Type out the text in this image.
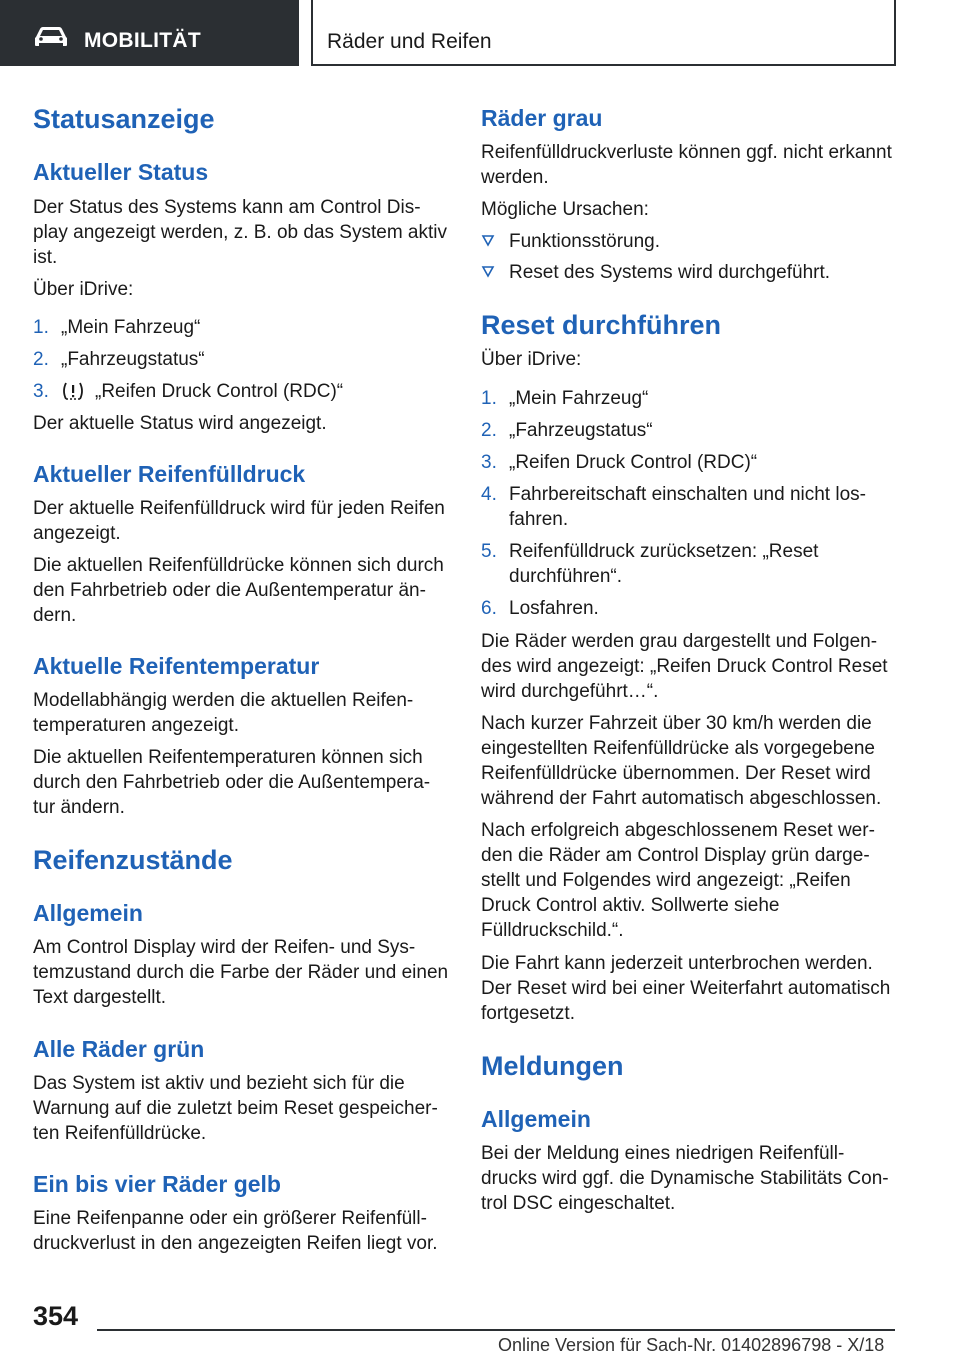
MOBILITÄT	Räder und Reifen
Statusanzeige
Aktueller Status
Der Status des Systems kann am Control Dis‐
play angezeigt werden, z. B. ob das System aktiv
ist.
Über iDrive:
1. „Mein Fahrzeug“
2. „Fahrzeugstatus“
3. „Reifen Druck Control (RDC)“
Der aktuelle Status wird angezeigt.
Aktueller Reifenfülldruck
Der aktuelle Reifenfülldruck wird für jeden Reifen
angezeigt.
Die aktuellen Reifenfülldrücke können sich durch
den Fahrbetrieb oder die Außentemperatur än‐
dern.
Aktuelle Reifentemperatur
Modellabhängig werden die aktuellen Reifen‐
temperaturen angezeigt.
Die aktuellen Reifentemperaturen können sich
durch den Fahrbetrieb oder die Außentempera‐
tur ändern.
Reifenzustände
Allgemein
Am Control Display wird der Reifen- und Sys‐
temzustand durch die Farbe der Räder und einen
Text dargestellt.
Alle Räder grün
Das System ist aktiv und bezieht sich für die
Warnung auf die zuletzt beim Reset gespeicher‐
ten Reifenfülldrücke.
Ein bis vier Räder gelb
Eine Reifenpanne oder ein größerer Reifenfüll‐
druckverlust in den angezeigten Reifen liegt vor.
Räder grau
Reifenfülldruckverluste können ggf. nicht erkannt
werden.
Mögliche Ursachen:
Funktionsstörung.
Reset des Systems wird durchgeführt.
Reset durchführen
Über iDrive:
1. „Mein Fahrzeug“
2. „Fahrzeugstatus“
3. „Reifen Druck Control (RDC)“
4. Fahrbereitschaft einschalten und nicht los‐
fahren.
5. Reifenfülldruck zurücksetzen: „Reset
durchführen“.
6. Losfahren.
Die Räder werden grau dargestellt und Folgen‐
des wird angezeigt: „Reifen Druck Control Reset
wird durchgeführt…“.
Nach kurzer Fahrzeit über 30 km/h werden die
eingestellten Reifenfülldrücke als vorgegebene
Reifenfülldrücke übernommen. Der Reset wird
während der Fahrt automatisch abgeschlossen.
Nach erfolgreich abgeschlossenem Reset wer‐
den die Räder am Control Display grün darge‐
stellt und Folgendes wird angezeigt: „Reifen
Druck Control aktiv. Sollwerte siehe
Fülldruckschild.“.
Die Fahrt kann jederzeit unterbrochen werden.
Der Reset wird bei einer Weiterfahrt automatisch
fortgesetzt.
Meldungen
Allgemein
Bei der Meldung eines niedrigen Reifenfüll‐
drucks wird ggf. die Dynamische Stabilitäts Con‐
trol DSC eingeschaltet.
354
Online Version für Sach-Nr. 01402896798 - X/18
